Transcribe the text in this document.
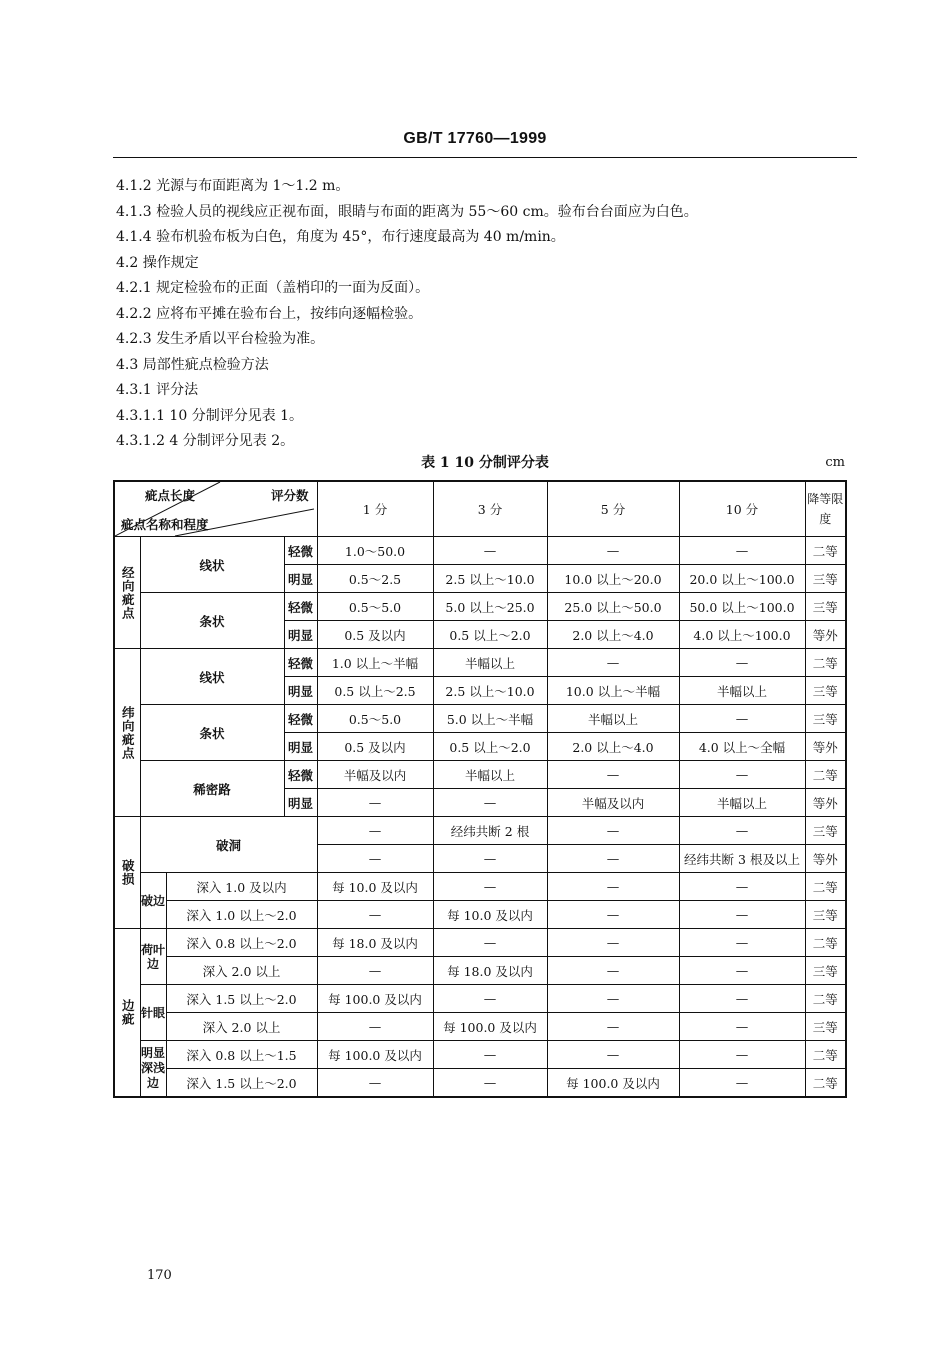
GB/T 17760—1999

4.1.2 光源与布面距离为 1～1.2 m。

4.1.3 检验人员的视线应正视布面，眼睛与布面的距离为 55～60 cm。验布台台面应为白色。

4.1.4 验布机验布板为白色，角度为 45°，布行速度最高为 40 m/min。

4.2 操作规定

4.2.1 规定检验布的正面（盖梢印的一面为反面）。

4.2.2 应将布平摊在验布台上，按纬向逐幅检验。

4.2.3 发生矛盾以平台检验为准。

4.3 局部性疵点检验方法

4.3.1 评分法

4.3.1.1 10 分制评分见表 1。

4.3.1.2 4 分制评分见表 2。

表 1 10 分制评分表	cm
疵点长度 评分数
疵点名称和程度				1 分	3 分	5 分	10 分	降等限度
经向疵点	线状		轻微	1.0～50.0	—	—	—	二等
			明显	0.5～2.5	2.5 以上～10.0	10.0 以上～20.0	20.0 以上～100.0	三等
	条状		轻微	0.5～5.0	5.0 以上～25.0	25.0 以上～50.0	50.0 以上～100.0	三等
			明显	0.5 及以内	0.5 以上～2.0	2.0 以上～4.0	4.0 以上～100.0	等外
纬向疵点	线状		轻微	1.0 以上～半幅	半幅以上	—	—	二等
			明显	0.5 以上～2.5	2.5 以上～10.0	10.0 以上～半幅	半幅以上	三等
	条状		轻微	0.5～5.0	5.0 以上～半幅	半幅以上	—	三等
			明显	0.5 及以内	0.5 以上～2.0	2.0 以上～4.0	4.0 以上～全幅	等外
	稀密路		轻微	半幅及以内	半幅以上	—	—	二等
			明显	—	—	半幅及以内	半幅以上	等外
破损	破洞			—	经纬共断 2 根	—	—	三等
				—	—	—	经纬共断 3 根及以上	等外
	破边	深入 1.0 及以内		每 10.0 及以内	—	—	—	二等
		深入 1.0 以上～2.0		—	每 10.0 及以内	—	—	三等
边疵	荷叶边	深入 0.8 以上～2.0		每 18.0 及以内	—	—	—	二等
		深入 2.0 以上		—	每 18.0 及以内	—	—	三等
	针眼	深入 1.5 以上～2.0		每 100.0 及以内	—	—	—	二等
		深入 2.0 以上		—	每 100.0 及以内	—	—	三等
	明显深浅边	深入 0.8 以上～1.5		每 100.0 及以内	—	—	—	二等
		深入 1.5 以上～2.0		—	—	每 100.0 及以内	—	二等
170
